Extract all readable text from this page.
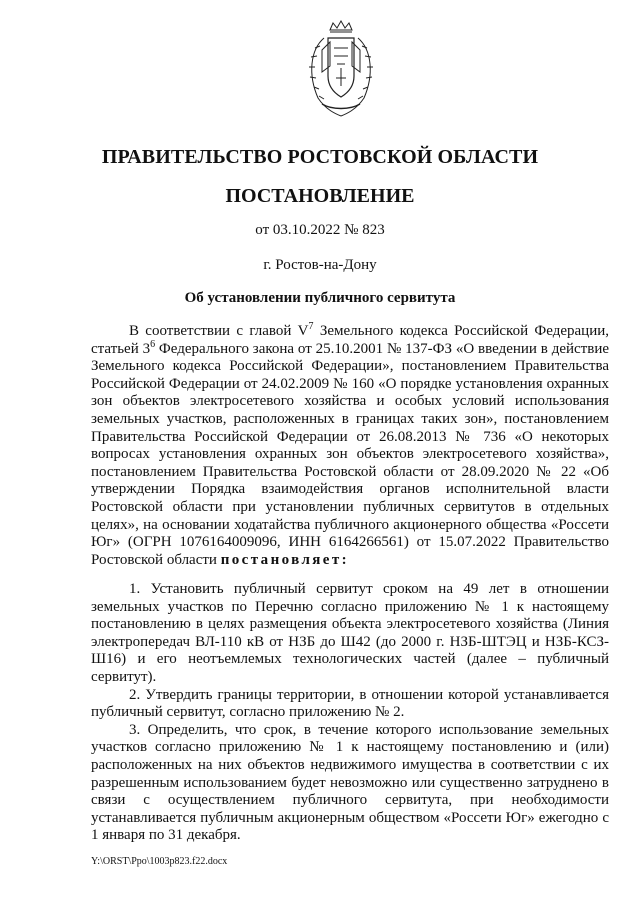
ПРАВИТЕЛЬСТВО РОСТОВСКОЙ ОБЛАСТИ
ПОСТАНОВЛЕНИЕ
от 03.10.2022 № 823
г. Ростов-на-Дону
Об установлении публичного сервитута

В соответствии с главой $V^7$ Земельного кодекса Российской Федерации, статьей $3^6$ Федерального закона от 25.10.2001 № 137-ФЗ «О введении в действие Земельного кодекса Российской Федерации», постановлением Правительства Российской Федерации от 24.02.2009 № 160 «О порядке установления охранных зон объектов электросетевого хозяйства и особых условий использования земельных участков, расположенных в границах таких зон», постановлением Правительства Российской Федерации от 26.08.2013 № 736 «О некоторых вопросах установления охранных зон объектов электросетевого хозяйства», постановлением Правительства Ростовской области от 28.09.2020 № 22 «Об утверждении Порядка взаимодействия органов исполнительной власти Ростовской области при установлении публичных сервитутов в отдельных целях», на основании ходатайства публичного акционерного общества «Россети Юг» (ОГРН 1076164009096, ИНН 6164266561) от 15.07.2022 Правительство Ростовской области постановляет:

1. Установить публичный сервитут сроком на 49 лет в отношении земельных участков по Перечню согласно приложению № 1 к настоящему постановлению в целях размещения объекта электросетевого хозяйства (Линия электропередач ВЛ-110 кВ от НЗБ до Ш42 (до 2000 г. НЗБ-ШТЭЦ и НЗБ-КСЗ-Ш16) и его неотъемлемых технологических частей (далее – публичный сервитут).

2. Утвердить границы территории, в отношении которой устанавливается публичный сервитут, согласно приложению № 2.

3. Определить, что срок, в течение которого использование земельных участков согласно приложению № 1 к настоящему постановлению и (или) расположенных на них объектов недвижимого имущества в соответствии с их разрешенным использованием будет невозможно или существенно затруднено в связи с осуществлением публичного сервитута, при необходимости устанавливается публичным акционерным обществом «Россети Юг» ежегодно с 1 января по 31 декабря.

Y:\ORST\Ppo\1003p823.f22.docx
